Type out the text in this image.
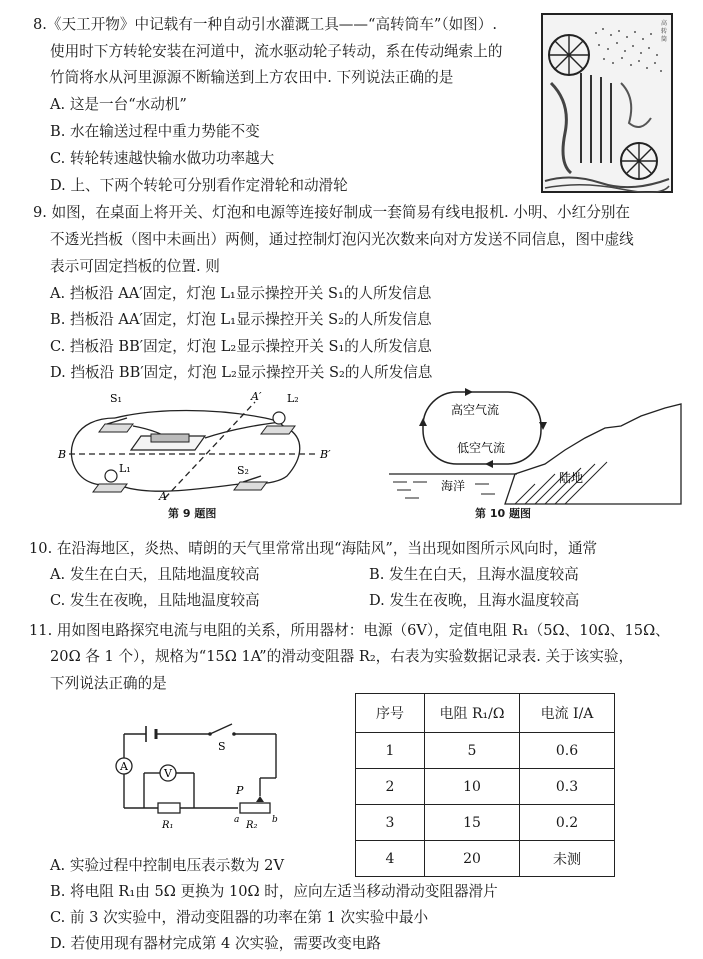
8.《天工开物》中记载有一种自动引水灌溉工具——“高转筒车”（如图）.
使用时下方转轮安装在河道中，流水驱动轮子转动，系在传动绳索上的
竹筒将水从河里源源不断输送到上方农田中. 下列说法正确的是
A. 这是一台“水动机”
B. 水在输送过程中重力势能不变
C. 转轮转速越快输水做功功率越大
D. 上、下两个转轮可分别看作定滑轮和动滑轮
高
转
筒
9. 如图，在桌面上将开关、灯泡和电源等连接好制成一套简易有线电报机. 小明、小红分别在
不透光挡板（图中未画出）两侧，通过控制灯泡闪光次数来向对方发送不同信息，图中虚线
表示可固定挡板的位置. 则
A. 挡板沿 AA′固定，灯泡 L₁显示操控开关 S₁的人所发信息
B. 挡板沿 AA′固定，灯泡 L₁显示操控开关 S₂的人所发信息
C. 挡板沿 BB′固定，灯泡 L₂显示操控开关 S₁的人所发信息
D. 挡板沿 BB′固定，灯泡 L₂显示操控开关 S₂的人所发信息
S₁	L₂
L₁	S₂
B	B′
A
A′
第 9 题图
高空气流
低空气流
陆地
海洋
第 10 题图
10. 在沿海地区，炎热、晴朗的天气里常常出现“海陆风”，当出现如图所示风向时，通常
A. 发生在白天，且陆地温度较高	B. 发生在白天，且海水温度较高
C. 发生在夜晚，且陆地温度较高	D. 发生在夜晚，且海水温度较高
11. 用如图电路探究电流与电阻的关系，所用器材：电源（6V），定值电阻 R₁（5Ω、10Ω、15Ω、
20Ω 各 1 个），规格为“15Ω 1A”的滑动变阻器 R₂，右表为实验数据记录表. 关于该实验，
下列说法正确的是
S
A
V
R₁
P
a	b
R₂
序号	电阻 R₁/Ω	电流 I/A
1	5	0.6
2	10	0.3
3	15	0.2
4	20	未测
A. 实验过程中控制电压表示数为 2V
B. 将电阻 R₁由 5Ω 更换为 10Ω 时，应向左适当移动滑动变阻器滑片
C. 前 3 次实验中，滑动变阻器的功率在第 1 次实验中最小
D. 若使用现有器材完成第 4 次实验，需要改变电路
